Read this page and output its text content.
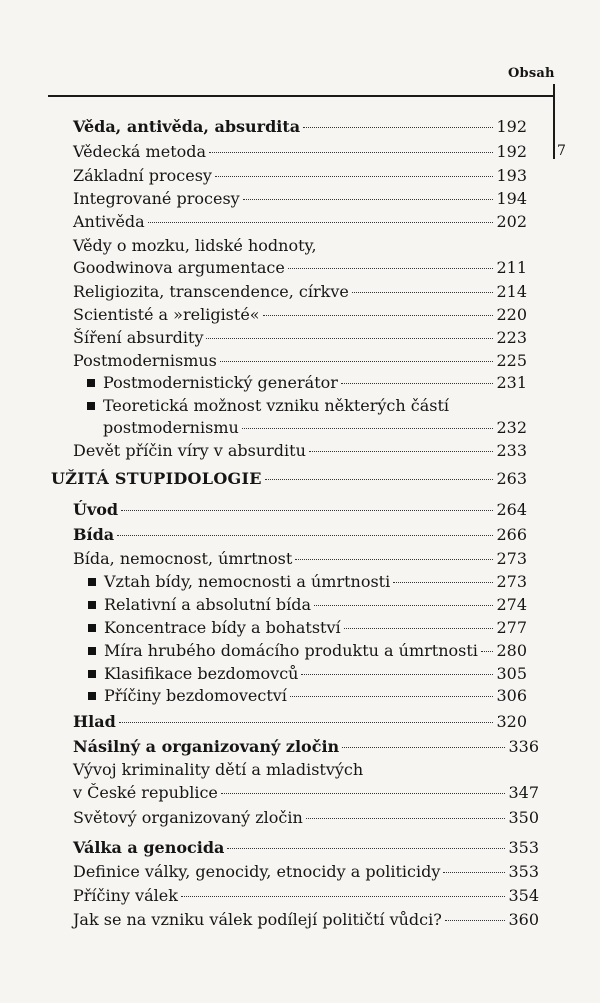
Obsah
7
Věda, antivěda, absurdita	192
Vědecká metoda	192
Základní procesy	193
Integrované procesy	194
Antivěda	202
Vědy o mozku, lidské hodnoty,
Goodwinova argumentace	211
Religiozita, transcendence, církve	214
Scientisté a »religisté«	220
Šíření absurdity	223
Postmodernismus	225
Postmodernistický generátor	231
Teoretická možnost vzniku některých částí
postmodernismu	232
Devět příčin víry v absurditu	233
UŽITÁ STUPIDOLOGIE	263
Úvod	264
Bída	266
Bída, nemocnost, úmrtnost	273
Vztah bídy, nemocnosti a úmrtnosti	273
Relativní a absolutní bída	274
Koncentrace bídy a bohatství	277
Míra hrubého domácího produktu a úmrtnosti 280
Klasifikace bezdomovců	305
Příčiny bezdomovectví	306
Hlad	320
Násilný a organizovaný zločin	336
Vývoj kriminality dětí a mladistvých
v České republice	347
Světový organizovaný zločin	350
Válka a genocida	353
Definice války, genocidy, etnocidy a politicidy	353
Příčiny válek	354
Jak se na vzniku válek podílejí političtí vůdci?	360
